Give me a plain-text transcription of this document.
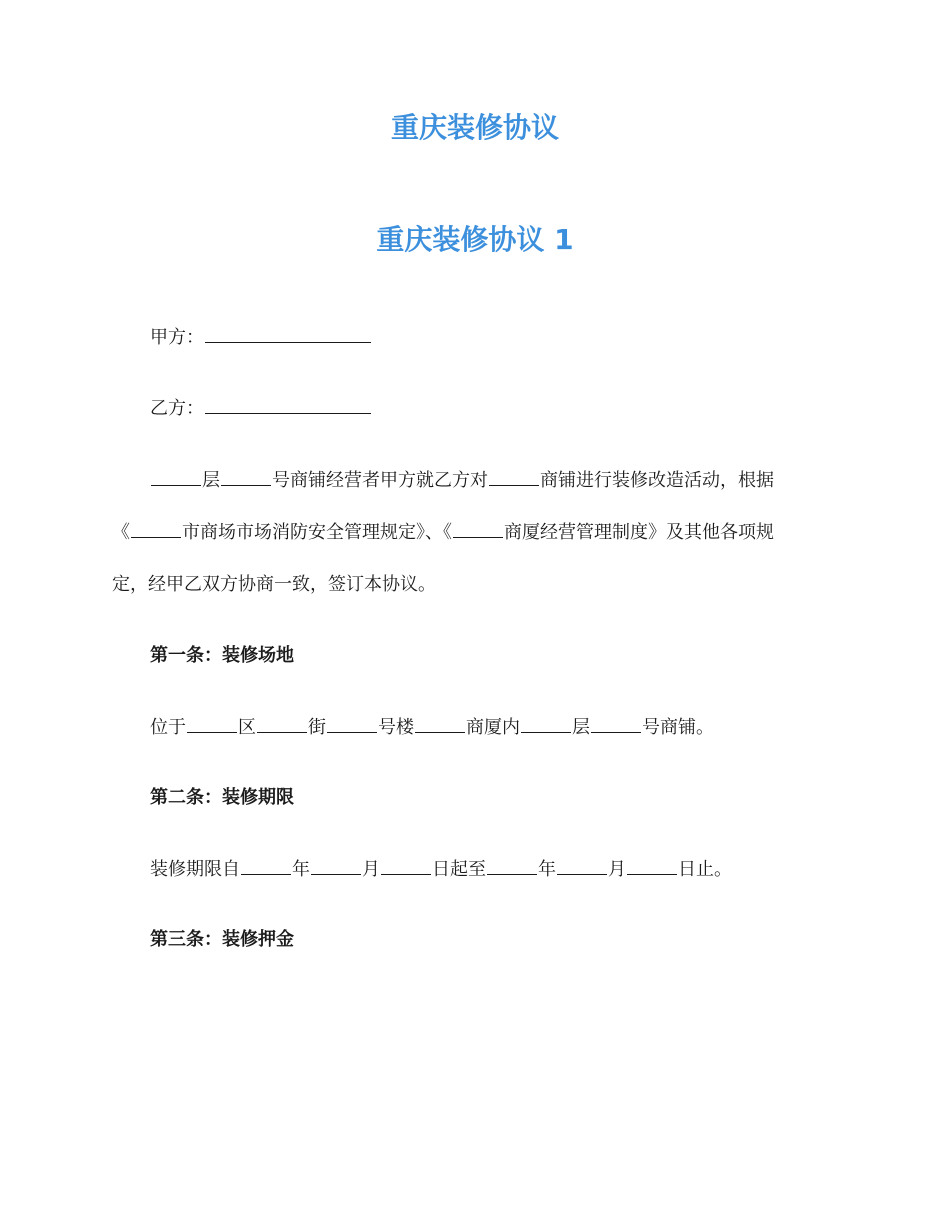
重庆装修协议
重庆装修协议 1

甲方：

乙方：

层	号商铺经营者甲方就乙方对	商铺进行装修改造活动，根据

《	市商场市场消防安全管理规定》、《	商厦经营管理制度》及其他各项规

定，经甲乙双方协商一致，签订本协议。

第一条：装修场地

位于	区	街	号楼	商厦内	层	号商铺。

第二条：装修期限

装修期限自	年	月	日起至	年	月	日止。

第三条：装修押金
